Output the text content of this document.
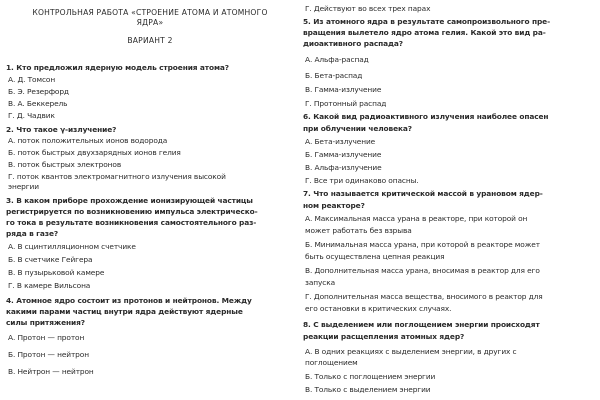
КОНТРОЛЬНАЯ РАБОТА «СТРОЕНИЕ АТОМА И АТОМНОГО
ЯДРА»
ВАРИАНТ 2
1. Кто предложил ядерную модель строения атома?
А. Д. Томсон
Б. Э. Резерфорд
В. А. Беккерель
Г. Д. Чадвик
2. Что такое γ-излучение?
А. поток положительных ионов водорода
Б. поток быстрых двухзарядных ионов гелия
В. поток быстрых электронов
Г. поток квантов электромагнитного излучения высокой
энергии
3. В каком приборе прохождение ионизирующей частицы
регистрируется по возникновению импульса электрическо-
го тока в результате возникновения самостоятельного раз-
ряда в газе?
А. В сцинтилляционном счетчике
Б. В счетчике Гейгера
В. В пузырьковой камере
Г. В камере Вильсона
4. Атомное ядро состоит из протонов и нейтронов. Между
какими парами частиц внутри ядра действуют ядерные
силы притяжения?
А. Протон — протон
Б. Протон — нейтрон
В. Нейтрон — нейтрон
Г. Действуют во всех трех парах
5. Из атомного ядра в результате самопроизвольного пре-
вращения вылетело ядро атома гелия. Какой это вид ра-
диоактивного распада?
А. Альфа-распад
Б. Бета-распад
В. Гамма-излучение
Г. Протонный распад
6. Какой вид радиоактивного излучения наиболее опасен
при облучении человека?
А. Бета-излучение
Б. Гамма-излучение
В. Альфа-излучение
Г. Все три одинаково опасны.
7. Что называется критической массой в урановом ядер-
ном реакторе?
А. Максимальная масса урана в реакторе, при которой он
может работать без взрыва
Б. Минимальная масса урана, при которой в реакторе может
быть осуществлена цепная реакция
В. Дополнительная масса урана, вносимая в реактор для его
запуска
Г. Дополнительная масса вещества, вносимого в реактор для
его остановки в критических случаях.
8. С выделением или поглощением энергии происходят
реакции расщепления атомных ядер?
А. В одних реакциях с выделением энергии, в других с
поглощением
Б. Только с поглощением энергии
В. Только с выделением энергии
